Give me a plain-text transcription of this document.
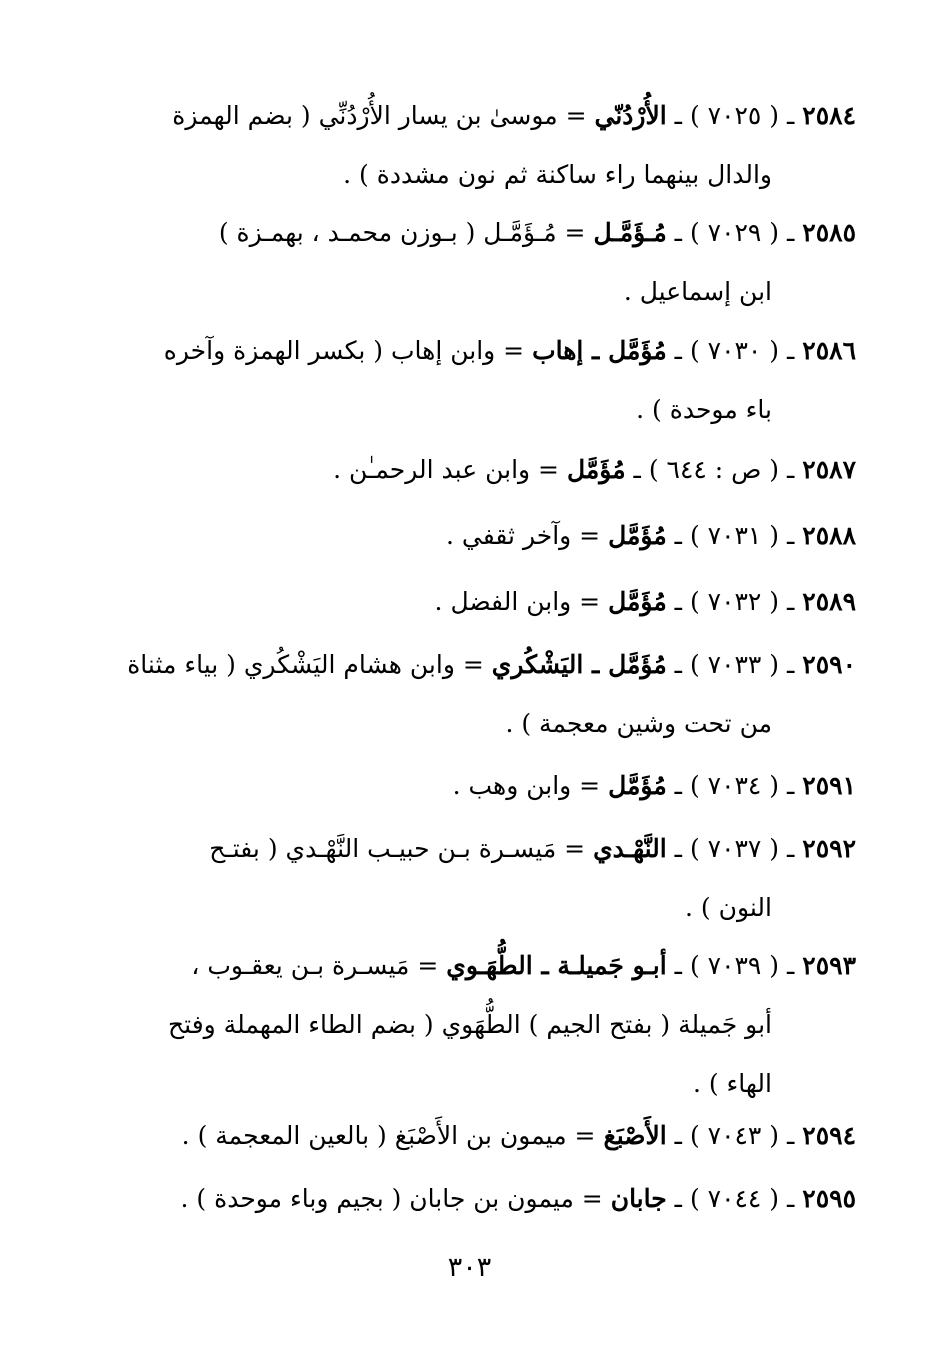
٢٥٨٤ ـ ( ٧٠٢٥ ) ـ الأُرْدُنّي = موسىٰ بن يسار الأُرْدُنِّي ( بضم الهمزة
والدال بينهما راء ساكنة ثم نون مشددة ) .
٢٥٨٥ ـ ( ٧٠٢٩ ) ـ مُـؤَمَّـل = مُـؤَمَّـل ( بـوزن محمـد ، بهمـزة )
ابن إسماعيل .
٢٥٨٦ ـ ( ٧٠٣٠ ) ـ مُؤَمَّل ـ إهاب = وابن إهاب ( بكسر الهمزة وآخره
باء موحدة ) .
٢٥٨٧ ـ ( ص : ٦٤٤ ) ـ مُؤَمَّل = وابن عبد الرحمـٰن .
٢٥٨٨ ـ ( ٧٠٣١ ) ـ مُؤَمَّل = وآخر ثقفي .
٢٥٨٩ ـ ( ٧٠٣٢ ) ـ مُؤَمَّل = وابن الفضل .
٢٥٩٠ ـ ( ٧٠٣٣ ) ـ مُؤَمَّل ـ اليَشْكُري = وابن هشام اليَشْكُري ( بياء مثناة
من تحت وشين معجمة ) .
٢٥٩١ ـ ( ٧٠٣٤ ) ـ مُؤَمَّل = وابن وهب .
٢٥٩٢ ـ ( ٧٠٣٧ ) ـ النَّهْـدي = مَيسـرة بـن حبيـب النَّهْـدي ( بفتـح
النون ) .
٢٥٩٣ ـ ( ٧٠٣٩ ) ـ أبـو جَميلـة ـ الطُّهَـوي = مَيسـرة بـن يعقـوب ،
أبو جَميلة ( بفتح الجيم ) الطُّهَوي ( بضم الطاء المهملة وفتح
الهاء ) .
٢٥٩٤ ـ ( ٧٠٤٣ ) ـ الأَصْبَغ = ميمون بن الأَصْبَغ ( بالعين المعجمة ) .
٢٥٩٥ ـ ( ٧٠٤٤ ) ـ جابان = ميمون بن جابان ( بجيم وباء موحدة ) .
٣٠٣
